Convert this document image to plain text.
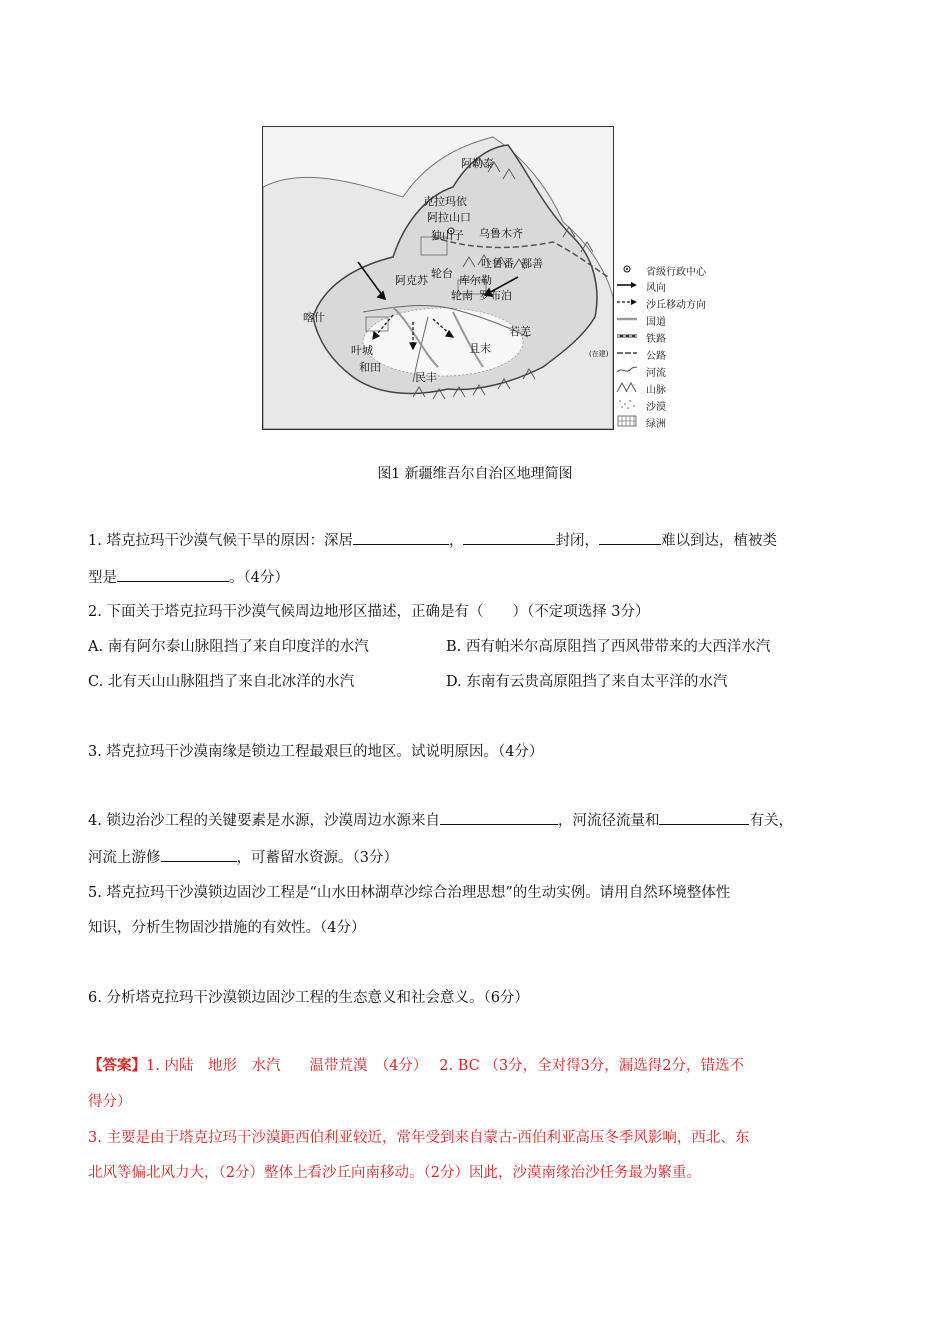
阿勒泰
克拉玛依
阿拉山口
独山子 乌鲁木齐
吐鲁番 鄯善
阿克苏
轮台
库尔勒
轮南 罗布泊
喀什
叶城
若羌
和田
民丰
且末	(在建)
省级行政中心
风向
沙丘移动方向
国道
铁路
公路
河流
山脉
沙漠
绿洲
图1 新疆维吾尔自治区地理简图
1. 塔克拉玛干沙漠气候干旱的原因：深居	，	封闭，	难以到达，植被类
型是	。（4分）
2. 下面关于塔克拉玛干沙漠气候周边地形区描述，正确是有（　　）（不定项选择 3分）
A. 南有阿尔泰山脉阻挡了来自印度洋的水汽	B. 西有帕米尔高原阻挡了西风带带来的大西洋水汽
C. 北有天山山脉阻挡了来自北冰洋的水汽	D. 东南有云贵高原阻挡了来自太平洋的水汽
3. 塔克拉玛干沙漠南缘是锁边工程最艰巨的地区。试说明原因。（4分）
4. 锁边治沙工程的关键要素是水源，沙漠周边水源来自	，河流径流量和	有关，
河流上游修	，可蓄留水资源。（3分）
5. 塔克拉玛干沙漠锁边固沙工程是“山水田林湖草沙综合治理思想”的生动实例。请用自然环境整体性
知识，分析生物固沙措施的有效性。（4分）
6. 分析塔克拉玛干沙漠锁边固沙工程的生态意义和社会意义。（6分）
【答案】1. 内陆　地形　水汽　　温带荒漠　（4分）　 2. BC （3分，全对得3分，漏选得2分，错选不
得分）
3. 主要是由于塔克拉玛干沙漠距西伯利亚较近，常年受到来自蒙古-西伯利亚高压冬季风影响，西北、东
北风等偏北风力大，（2分）整体上看沙丘向南移动。（2分）因此，沙漠南缘治沙任务最为繁重。
